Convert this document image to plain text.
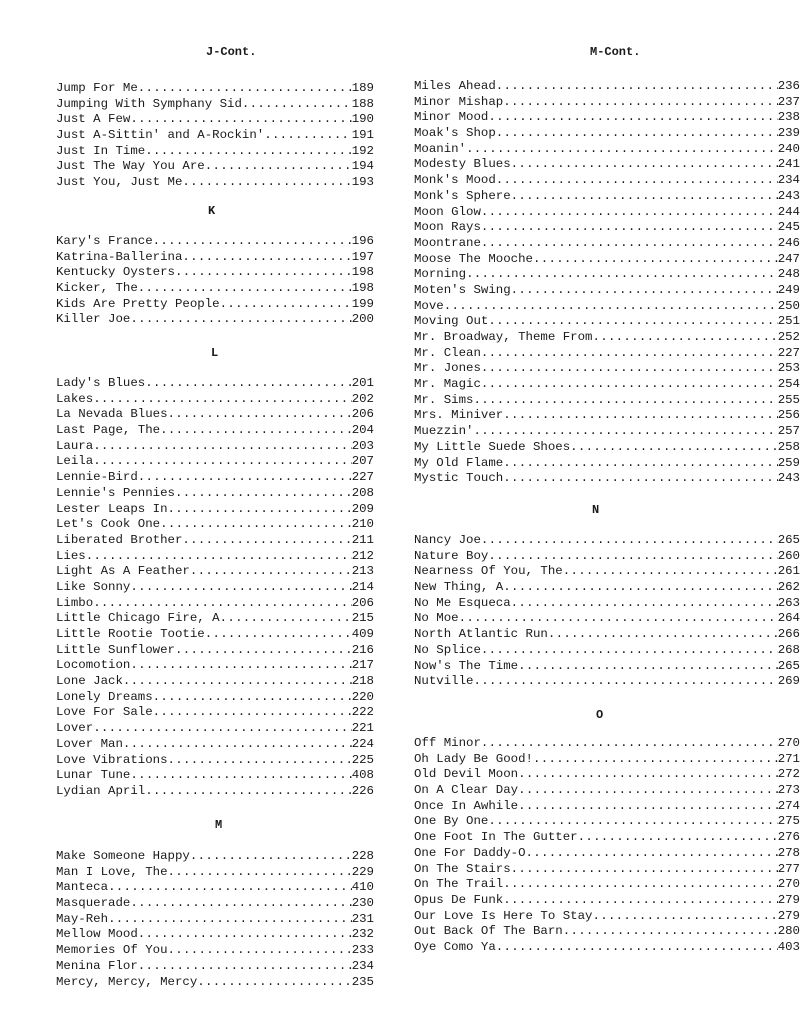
J-Cont.
Jump For Me .....	189
Jumping With Symphany Sid .....	188
Just A Few .....	190
Just A-Sittin' and A-Rockin' .....	191
Just In Time .....	192
Just The Way You Are .....	194
Just You, Just Me .....	193
K
Kary's France .....	196
Katrina-Ballerina .....	197
Kentucky Oysters .....	198
Kicker, The .....	198
Kids Are Pretty People .....	199
Killer Joe .....	200
L
Lady's Blues .....	201
Lakes .....	202
La Nevada Blues .....	206
Last Page, The .....	204
Laura .....	203
Leila .....	207
Lennie-Bird .....	227
Lennie's Pennies .....	208
Lester Leaps In .....	209
Let's Cook One .....	210
Liberated Brother .....	211
Lies .....	212
Light As A Feather .....	213
Like Sonny .....	214
Limbo .....	206
Little Chicago Fire, A .....	215
Little Rootie Tootie .....	409
Little Sunflower .....	216
Locomotion .....	217
Lone Jack .....	218
Lonely Dreams .....	220
Love For Sale .....	222
Lover .....	221
Lover Man .....	224
Love Vibrations .....	225
Lunar Tune .....	408
Lydian April .....	226
M
Make Someone Happy .....	228
Man I Love, The .....	229
Manteca .....	410
Masquerade .....	230
May-Reh .....	231
Mellow Mood .....	232
Memories Of You .....	233
Menina Flor .....	234
Mercy, Mercy, Mercy .....	235
M-Cont.
Miles Ahead .....	236
Minor Mishap .....	237
Minor Mood .....	238
Moak's Shop .....	239
Moanin' .....	240
Modesty Blues .....	241
Monk's Mood .....	234
Monk's Sphere .....	243
Moon Glow .....	244
Moon Rays .....	245
Moontrane .....	246
Moose The Mooche .....	247
Morning .....	248
Moten's Swing .....	249
Move .....	250
Moving Out .....	251
Mr. Broadway, Theme From .....	252
Mr. Clean .....	227
Mr. Jones .....	253
Mr. Magic .....	254
Mr. Sims .....	255
Mrs. Miniver .....	256
Muezzin' .....	257
My Little Suede Shoes .....	258
My Old Flame .....	259
Mystic Touch .....	243
N
Nancy Joe .....	265
Nature Boy .....	260
Nearness Of You, The .....	261
New Thing, A .....	262
No Me Esqueca .....	263
No Moe .....	264
North Atlantic Run .....	266
No Splice .....	268
Now's The Time .....	265
Nutville .....	269
O
Off Minor .....	270
Oh Lady Be Good! .....	271
Old Devil Moon .....	272
On A Clear Day .....	273
Once In Awhile .....	274
One By One .....	275
One Foot In The Gutter .....	276
One For Daddy-O .....	278
On The Stairs .....	277
On The Trail .....	270
Opus De Funk .....	279
Our Love Is Here To Stay .....	279
Out Back Of The Barn .....	280
Oye Como Ya .....	403
